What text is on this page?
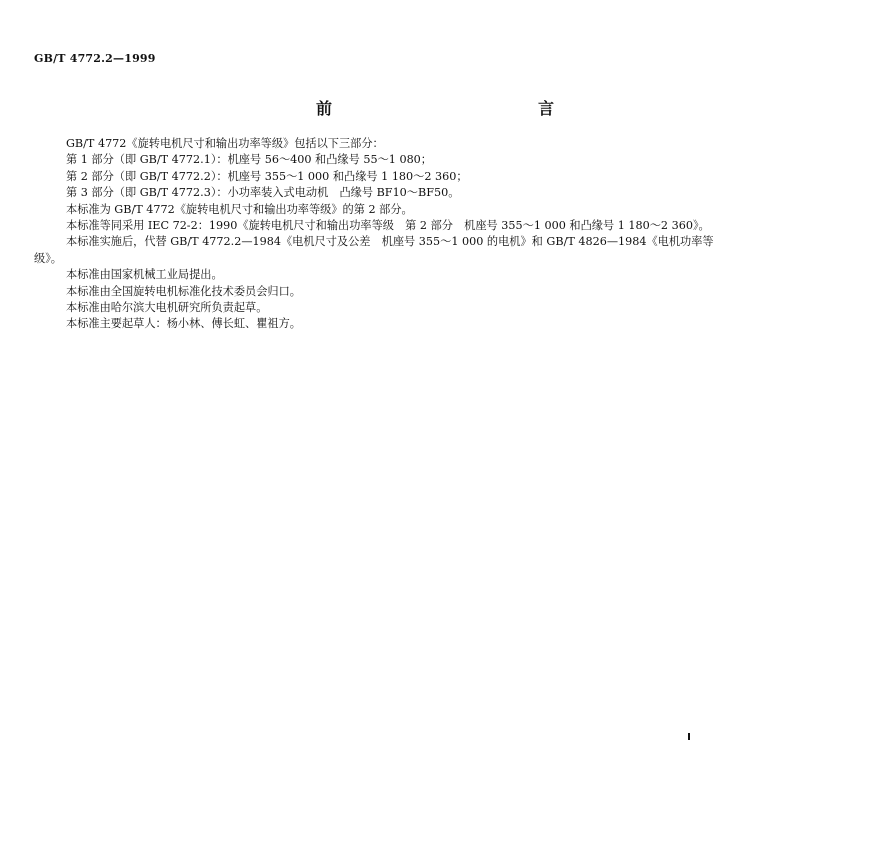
GB/T 4772.2—1999
前　　言

GB/T 4772《旋转电机尺寸和输出功率等级》包括以下三部分：

第 1 部分（即 GB/T 4772.1）：机座号 56～400 和凸缘号 55～1 080；

第 2 部分（即 GB/T 4772.2）：机座号 355～1 000 和凸缘号 1 180～2 360；

第 3 部分（即 GB/T 4772.3）：小功率装入式电动机　凸缘号 BF10～BF50。

本标准为 GB/T 4772《旋转电机尺寸和输出功率等级》的第 2 部分。

本标准等同采用 IEC 72-2：1990《旋转电机尺寸和输出功率等级　第 2 部分　机座号 355～1 000 和凸缘号 1 180～2 360》。

本标准实施后，代替 GB/T 4772.2—1984《电机尺寸及公差　机座号 355～1 000 的电机》和 GB/T 4826—1984《电机功率等级》。

本标准由国家机械工业局提出。

本标准由全国旋转电机标准化技术委员会归口。

本标准由哈尔滨大电机研究所负责起草。

本标准主要起草人：杨小林、傅长虹、瞿祖方。
